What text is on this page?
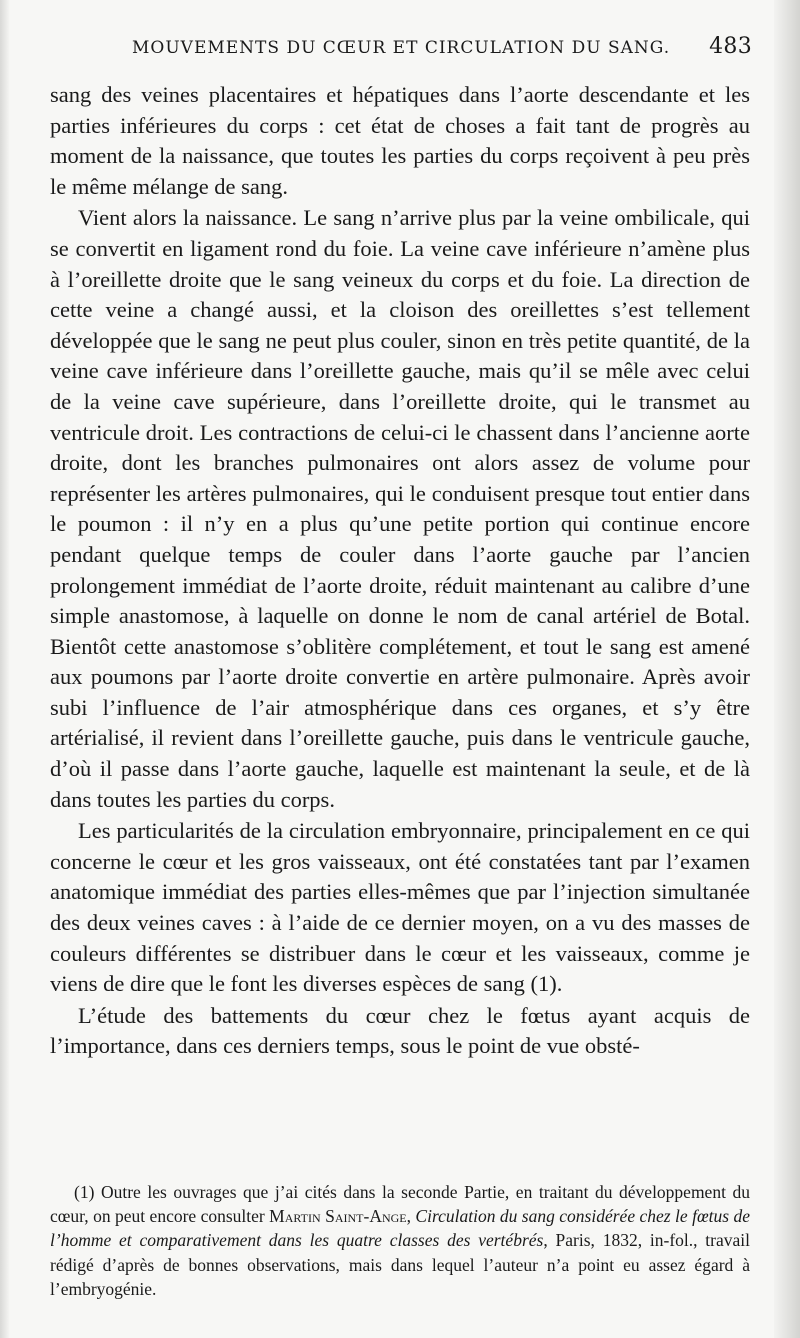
MOUVEMENTS DU CŒUR ET CIRCULATION DU SANG. 483

sang des veines placentaires et hépatiques dans l’aorte descendante et les parties inférieures du corps : cet état de choses a fait tant de progrès au moment de la naissance, que toutes les parties du corps reçoivent à peu près le même mélange de sang.

Vient alors la naissance. Le sang n’arrive plus par la veine ombilicale, qui se convertit en ligament rond du foie. La veine cave inférieure n’amène plus à l’oreillette droite que le sang veineux du corps et du foie. La direction de cette veine a changé aussi, et la cloison des oreillettes s’est tellement développée que le sang ne peut plus couler, sinon en très petite quantité, de la veine cave inférieure dans l’oreillette gauche, mais qu’il se mêle avec celui de la veine cave supérieure, dans l’oreillette droite, qui le transmet au ventricule droit. Les contractions de celui-ci le chassent dans l’ancienne aorte droite, dont les branches pulmonaires ont alors assez de volume pour représenter les artères pulmonaires, qui le conduisent presque tout entier dans le poumon : il n’y en a plus qu’une petite portion qui continue encore pendant quelque temps de couler dans l’aorte gauche par l’ancien prolongement immédiat de l’aorte droite, réduit maintenant au calibre d’une simple anastomose, à laquelle on donne le nom de canal artériel de Botal. Bientôt cette anastomose s’oblitère complétement, et tout le sang est amené aux poumons par l’aorte droite convertie en artère pulmonaire. Après avoir subi l’influence de l’air atmosphérique dans ces organes, et s’y être artérialisé, il revient dans l’oreillette gauche, puis dans le ventricule gauche, d’où il passe dans l’aorte gauche, laquelle est maintenant la seule, et de là dans toutes les parties du corps.

Les particularités de la circulation embryonnaire, principalement en ce qui concerne le cœur et les gros vaisseaux, ont été constatées tant par l’examen anatomique immédiat des parties elles-mêmes que par l’injection simultanée des deux veines caves : à l’aide de ce dernier moyen, on a vu des masses de couleurs différentes se distribuer dans le cœur et les vaisseaux, comme je viens de dire que le font les diverses espèces de sang (1).

L’étude des battements du cœur chez le fœtus ayant acquis de l’importance, dans ces derniers temps, sous le point de vue obsté-

(1) Outre les ouvrages que j’ai cités dans la seconde Partie, en traitant du développement du cœur, on peut encore consulter Martin Saint-Ange, Circulation du sang considérée chez le fœtus de l’homme et comparativement dans les quatre classes des vertébrés, Paris, 1832, in-fol., travail rédigé d’après de bonnes observations, mais dans lequel l’auteur n’a point eu assez égard à l’embryogénie.
